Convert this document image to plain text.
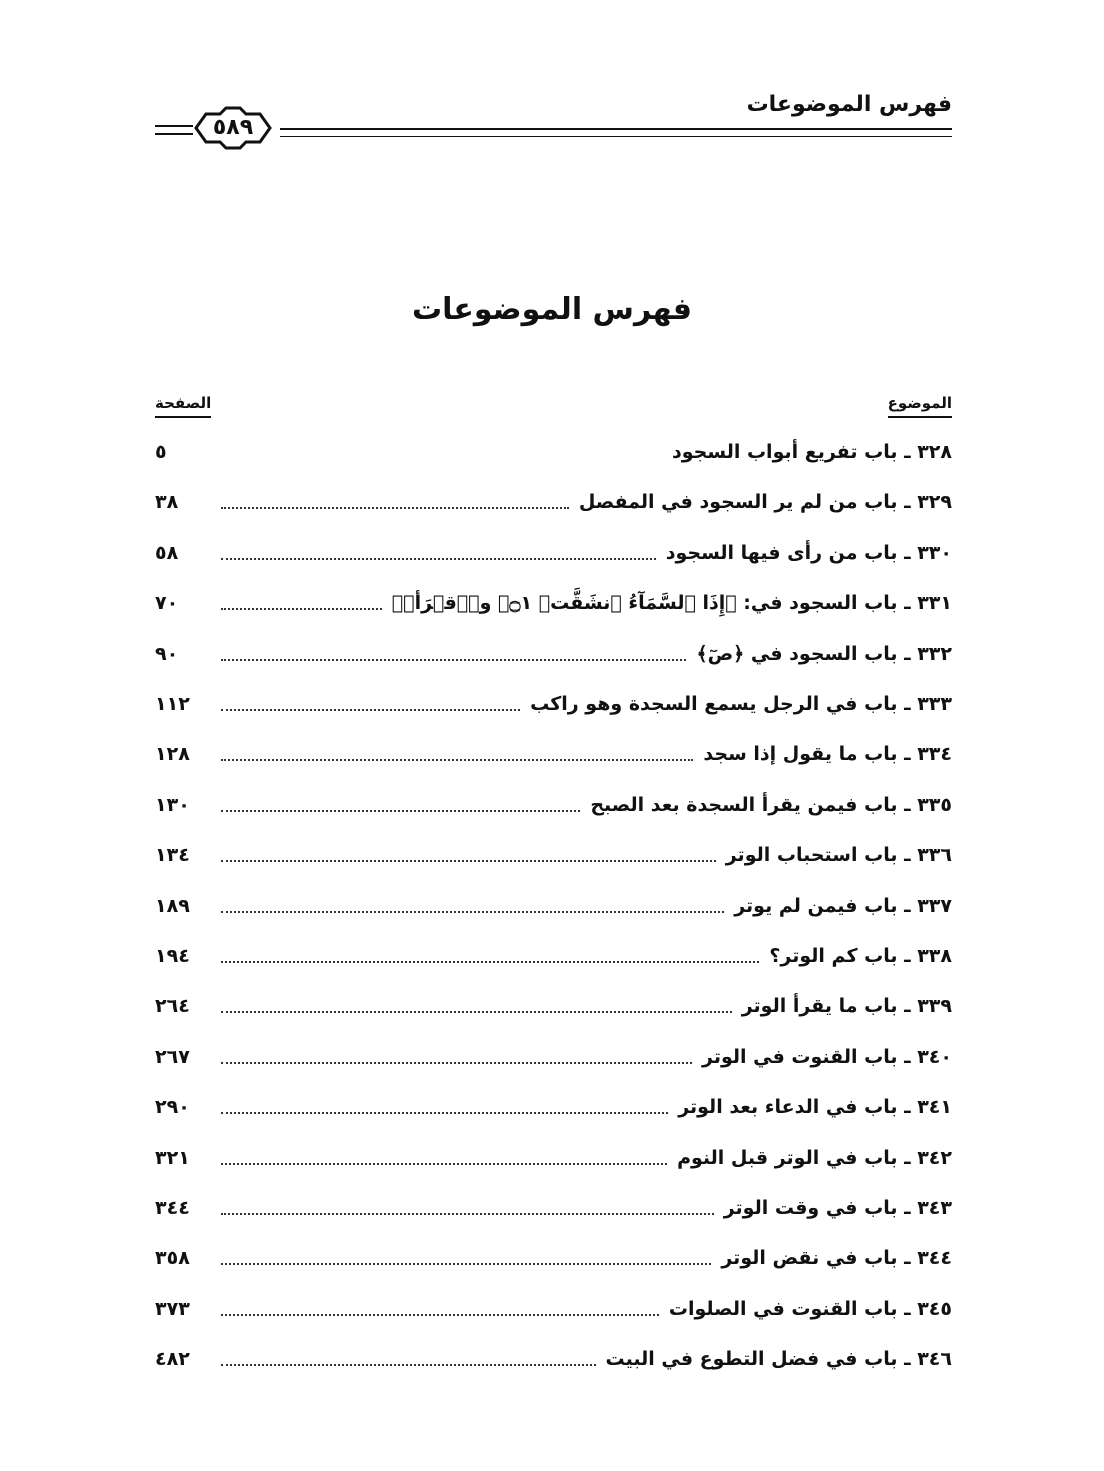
فهرس الموضوعات
٥٨٩
فهرس الموضوعات
الموضوع
الصفحة
٣٢٨ ـ باب تفريع أبواب السجود
٥
٣٢٩ ـ باب من لم ير السجود في المفصل
٣٨
٣٣٠ ـ باب من رأى فيها السجود
٥٨
٣٣١ ـ باب السجود في: ﴿إِذَا ٱلسَّمَآءُ ٱنشَقَّتۡ ۝١﴾ و﴿ٱقۡرَأۡ﴾
٧٠
٣٣٢ ـ باب السجود في ﴿صٓ﴾
٩٠
٣٣٣ ـ باب في الرجل يسمع السجدة وهو راكب
١١٢
٣٣٤ ـ باب ما يقول إذا سجد
١٢٨
٣٣٥ ـ باب فيمن يقرأ السجدة بعد الصبح
١٣٠
٣٣٦ ـ باب استحباب الوتر
١٣٤
٣٣٧ ـ باب فيمن لم يوتر
١٨٩
٣٣٨ ـ باب كم الوتر؟
١٩٤
٣٣٩ ـ باب ما يقرأ الوتر
٢٦٤
٣٤٠ ـ باب القنوت في الوتر
٢٦٧
٣٤١ ـ باب في الدعاء بعد الوتر
٢٩٠
٣٤٢ ـ باب في الوتر قبل النوم
٣٢١
٣٤٣ ـ باب في وقت الوتر
٣٤٤
٣٤٤ ـ باب في نقض الوتر
٣٥٨
٣٤٥ ـ باب القنوت في الصلوات
٣٧٣
٣٤٦ ـ باب في فضل التطوع في البيت
٤٨٢
